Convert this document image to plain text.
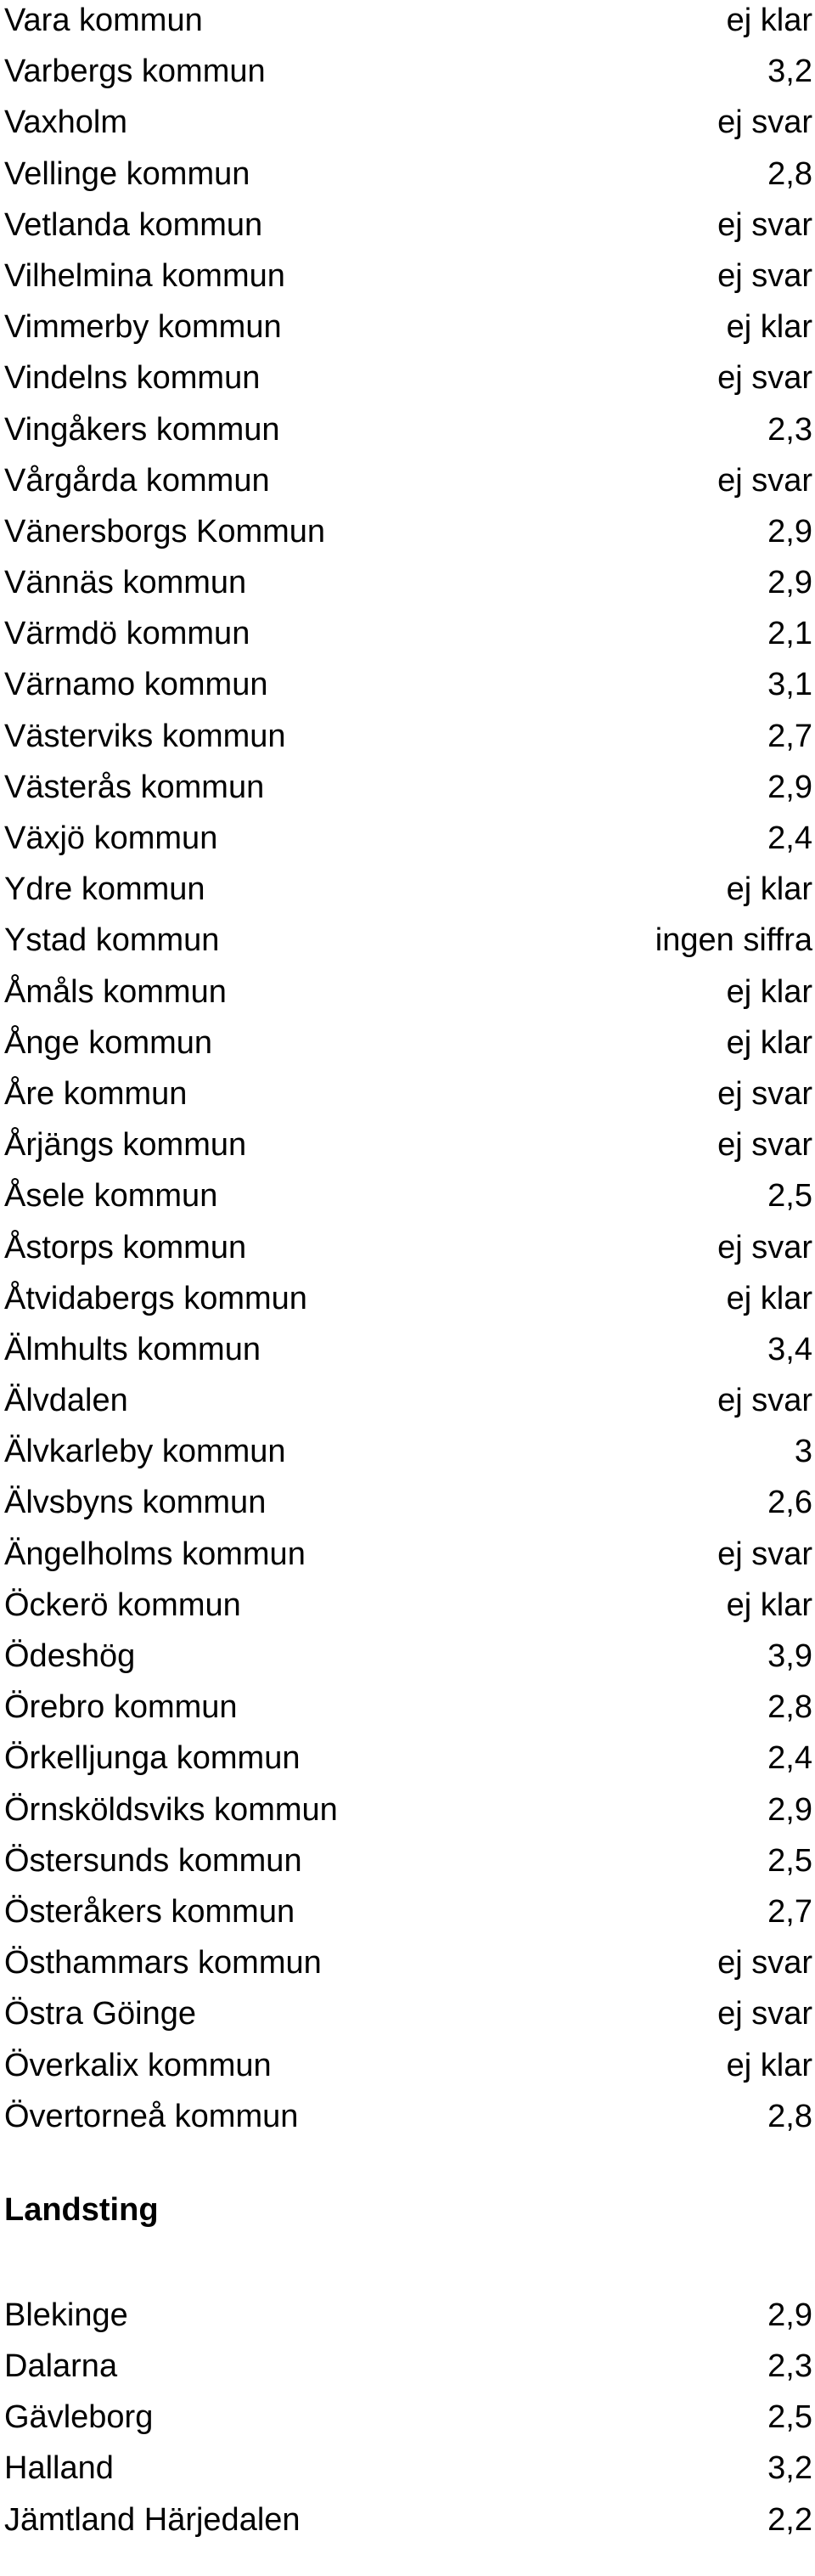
Vara kommun	ej klar
Varbergs kommun	3,2
Vaxholm	ej svar
Vellinge kommun	2,8
Vetlanda kommun	ej svar
Vilhelmina kommun	ej svar
Vimmerby kommun	ej klar
Vindelns kommun	ej svar
Vingåkers kommun	2,3
Vårgårda kommun	ej svar
Vänersborgs Kommun	2,9
Vännäs kommun	2,9
Värmdö kommun	2,1
Värnamo kommun	3,1
Västerviks kommun	2,7
Västerås kommun	2,9
Växjö kommun	2,4
Ydre kommun	ej klar
Ystad kommun	ingen siffra
Åmåls kommun	ej klar
Ånge kommun	ej klar
Åre kommun	ej svar
Årjängs kommun	ej svar
Åsele kommun	2,5
Åstorps kommun	ej svar
Åtvidabergs kommun	ej klar
Älmhults kommun	3,4
Älvdalen	ej svar
Älvkarleby kommun	3
Älvsbyns kommun	2,6
Ängelholms kommun	ej svar
Öckerö kommun	ej klar
Ödeshög	3,9
Örebro kommun	2,8
Örkelljunga kommun	2,4
Örnsköldsviks kommun	2,9
Östersunds kommun	2,5
Österåkers kommun	2,7
Östhammars kommun	ej svar
Östra Göinge	ej svar
Överkalix kommun	ej klar
Övertorneå kommun	2,8
Landsting
Blekinge	2,9
Dalarna	2,3
Gävleborg	2,5
Halland	3,2
Jämtland Härjedalen	2,2
